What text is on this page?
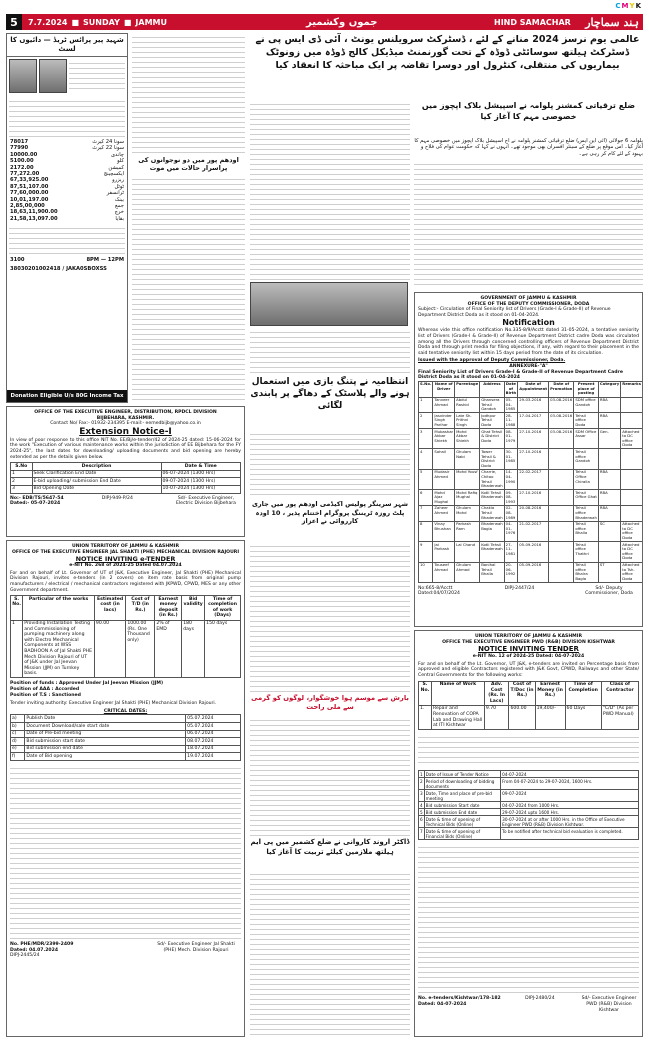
CMYK
5	7.7.2024 ■ SUNDAY ■ JAMMU	جموں وکشمیر	HIND SAMACHAR ہند سماچار
شہید پیر پرائس ٹریڈ — دائیوں کا لسٹ
78017	سونا 24 کیرٹ
77990	سونا 22 کیرٹ
10000.00	چاندی
5100.00	کلو
2172.00	کمیشن
77,272.00	ایکسچینج
67,33,925.00	ریزرو
87,51,107.00	ٹوٹل
77,60,000.00	ٹرانسفر
10,01,197.00	بینک
2,85,00,000	جمع
18,63,11,900.00	خرچ
21,58,13,097.00	بقایا
3100	8PM — 12PM
38030201002418 / JAKA0SBOXSS
Donation Eligible U/s 80G Income Tax
اودھم پور میں دو نوجوانوں کی پراسرار حالات میں موت
OFFICE OF THE EXECUTIVE ENGINEER, DISTRIBUTION, RPDCL DIVISION
BIJBEHARA, KASHMIR.
Contact No/ Fax:- 01932-234395 E-mail:- eemedbijb@yahoo.co.in
Extension Notice-I
In view of poor response to this office NIT No. EE/Bj/e-tender/42 of 2024-25 dated: 15-06-2024 for the work "Execution of various maintenance works within the jurisdiction of EE Bijbehara for the FY 2024-25", the last dates for downloading/ uploading documents and bid opening are hereby extended as per the details given below.
S.No	Description	Date & Time
1	Seek Clarification End Date	06-07-2024 (1300 Hrs)
2	E-bid uploading/ submission End Date	09-07-2024 (1300 Hrs)
3	Bid Opening Date	10-07-2024 (1300 Hrs)
No:- EDB/TS/5647-54
Dated:- 05-07-2024
DIPJ-949-P/24	Sd/- Executive Engineer, Electric Division Bijbehara
UNION TERRITORY OF JAMMU & KASHMIR
OFFICE OF THE EXECUTIVE ENGINEER JAL SHAKTI (PHE) MECHANICAL DIVISION RAJOURI
NOTICE INVITING e-TENDER
e-NIT No. 268 of 2024-25 Dated 04.07.2024
For and on behalf of Lt. Governor of UT of J&K, Executive Engineer, Jal Shakti (PHE) Mechanical Division Rajouri, invites e-tenders (in 2 covers) on item rate basis from original pump manufacturers / electrical / mechanical contractors registered with JKPWD, CPWD, MES or any other Government department.
S. No.	Particular of the works	Estimated cost (in lacs)	Cost of T/D (in Rs.)	Earnest money deposit (in Rs.)	Bid validity	Time of completion of work (Days)
1	Providing Installation Testing and Commissioning of pumping machinery along with Electro Mechanical Components at WSS BADHOON A of Jal Shakti PHE Mech Division Rajouri of UT of J&K under Jal Jeevan Mission (JJM) on Turnkey basis.	90.00	1000.00 (Rs. One Thousand only)	2% of EMD	180 days	150 days
Position of funds : Approved Under Jal Jeevan Mission (JJM)
Position of AAA : Accorded
Position of T.S : Sanctioned
Tender inviting authority: Executive Engineer Jal Shakti (PHE) Mechanical Division Rajouri.
CRITICAL DATES:
a)	Publish Date	05.07.2024
b)	Document Download/sale start date	05.07.2024
c)	Date of Pre-bid meeting	06.07.2024
d)	Bid submission start date	08.07.2024
e)	Bid submission end date	18.07.2024
f)	Date of Bid opening	19.07.2024
No. PHE/MDR/2399-2409
Dated: 04.07.2024
DIPJ-2445/24
Sd/- Executive Engineer Jal Shakti (PHE) Mech. Division Rajouri
عالمی یوم نرسز 2024 منانے کے لئے ، ڈسٹرکٹ سرویلنس یونٹ ، آئی ڈی ایس پی نے ڈسٹرکٹ ہیلتھ سوسائٹی ڈوڈہ کے تحت گورنمنٹ میڈیکل کالج ڈوڈہ میں زونوٹک بیماریوں کی منتقلی، کنٹرول اور دوسرا تقاضہ پر ایک مباحثہ کا انعقاد کیا
انتظامیہ نے پتنگ بازی میں استعمال ہونے والے پلاسٹک کے دھاگے پر پابندی لگائی
شہر سرینگر پولیس اکیڈمی اودھم پور میں جاری پلٹ روزہ ٹریننگ پروگرام اختتام پذیر ، 10 اودہ کارروائی نے اعزاز
بارش سے موسم ہوا خوشگوار، لوگوں کو گرمی سے ملی راحت
ڈاکٹر اروند کاروانی نے ضلع کشمیر میں پی ایم ہیلتھ ملازمین کیلئے تربیت کا آغاز کیا
ضلع ترقیاتی کمشنر پلوامہ نے اسپیشل بلاک اپچوز میں خصوصی مہم کا آغاز کیا
پلوامہ 6 جولائی (آئی این ایس) ضلع ترقیاتی کمشنر پلوامہ نے آج اسپیشل بلاک اپچوز میں خصوصی مہم کا آغاز کیا۔ اس موقع پر ضلع کے سینئر افسران بھی موجود تھے۔ انہوں نے کہا کہ حکومت عوام کی فلاح و بہبود کے لئے کام کر رہی ہے۔
GOVERNMENT OF JAMMU & KASHMIR
OFFICE OF THE DEPUTY COMMISSIONER, DODA
Subject:- Circulation of Final Seniority list of Drivers (Grade-I & Grade-II) of Revenue Department District Doda as it stood on 01-04-2024.
Notification
Whereas vide this office notification No.335-8/9/Acctt dated 31-05-2024, a tentative seniority list of Drivers (Grade-I & Grade-II) of Revenue Department District cadre Doda was circulated among all the Drivers through concerned controlling officers of Revenue Department District Doda and through print media for filing objections, if any, with regard to their placement in the said tentative seniority list within 15 days period from the date of its circulation.
Issued with the approval of Deputy Commissioner, Doda.
ANNEXURE-"A"
Final Seniority List of Drivers Grade-I & Grade-II of Revenue Department Cadre District Doda as it stood on 01-04-2024
S.No.	Name of Driver	Parentage	Address	Date of Birth	Date of Appointment	Date of Promotion	Present place of posting	Category	Remarks
1	Tanveer Ahmad	Abdul Rashid	Ghansera Tehsil Gandoh	05-04-1985	29-03-2016	03-08-2016	SDM office Gandoh	RBA	
2	Jasvinder Singh Parihar	Late Sh. Prithvi Singh	Jodhpur Tehsil Doda	28-11-1988	17-04-2017	03-08-2016	Tehsil office Doda	RBA	
3	Mubashar Akbar Shiekh	Mohd Akbar Shiekh	Ghat Tehsil & District Doda	08-01-1979	27-10-2016	03-08-2016	SDM Office Assar	Gen.	Attached to DC office Doda
4	Sohail	Ghulam Nabi	Tower Tehsil & District Doda	30-01-1985	27-10-2016		Tehsil office Gandoh		
5	Mudasir Ahmed	Mohd Yousf	Charrie, Chitoo Tehsil Bhaderwah	14-04-1990	22-02-2017		Tehsil Office Chiralla	RBA	
6	Mohd Ajaz Mughal	Mohd Rafiq Mughal	Kotli Tehsil Bhaderwah	09-08-1993	27-10-2016		Tehsil Office Ghat	RBA	
7	Zaheer Ahmed	Ghulam Mohd	Chakla Tehsil Bhaderwah	02-08-1989	20-08-2016		Tehsil office Bhaderwah	RBA	
8	Vinay Bhushan	Parkash Ram	Bhaderwah Bagla	04-01-1976	21-02-2017		Tehsil office Bhalla	SC	Attached to DC office Doda
9	Jai Parkash	Lal Chand	Kotli Tehsil Bhaderwah	27-11-1981	05-09-2016		Tehsil office Thathri		Attached to DC office Doda
10	Touseef Ahmad	Ghulam Ahmad	Banihal Tehsil Bhalla	20-06-1992	05-09-2016		Tehsil office Bhalra Bagla	ST	Attached to Tsh. office Doda
No:665-8/Acctt
Dated:04/07/2024
DIPJ-2447/24	Sd/- Deputy Commissioner, Doda
UNION TERRITORY OF JAMMU & KASHMIR
OFFICE THE EXECUTIVE ENGINEER PWD (R&B) DIVISION KISHTWAR
NOTICE INVITING TENDER
e-NIT No. 12 of 2024-25 Dated: 04-07-2024
For and on behalf of the Lt. Governor, UT J&K, e-tenders are invited on Percentage basis from approved and eligible Contractors registered with J&K Govt, CPWD, Railways and other State/ Central Governments for the following works:
S. No.	Name of Work	Adv. Cost (Rs. In Lacs)	Cost of T/Doc (in Rs.)	Earnest Money (in Rs.)	Time of Completion	Class of Contractor
1.	Repair and Renovation of COPA Lab and Drawing Hall at ITI Kishtwar	9.70	600.00	19,400/-	60 Days	"C/D" (As per PWD Manual)
1	Date of Issue of Tender Notice	04-07-2024
2	Period of downloading of bidding documents	From 04-07-2024 to 29-07-2024, 1600 Hrs.
3	Date, Time and place of pre-bid meeting	09-07-2024
4	Bid submission Start date	04-07-2024 from 1000 Hrs.
5	Bid submission End date	29-07-2024 upto 1600 Hrs.
6	Date & time of opening of Technical Bids (Online)	30-07-2024 at or after 1000 Hrs. in the Office of Executive Engineer PWD (R&B) Division Kishtwar.
7	Date & time of opening of Financial Bids (Online)	To be notified after technical bid evaluation is completed.
No. e-tenders/Kishtwar/178-182
Dated: 04-07-2024
DIPJ-2480/24	Sd/- Executive Engineer PWD (R&B) Division Kishtwar
